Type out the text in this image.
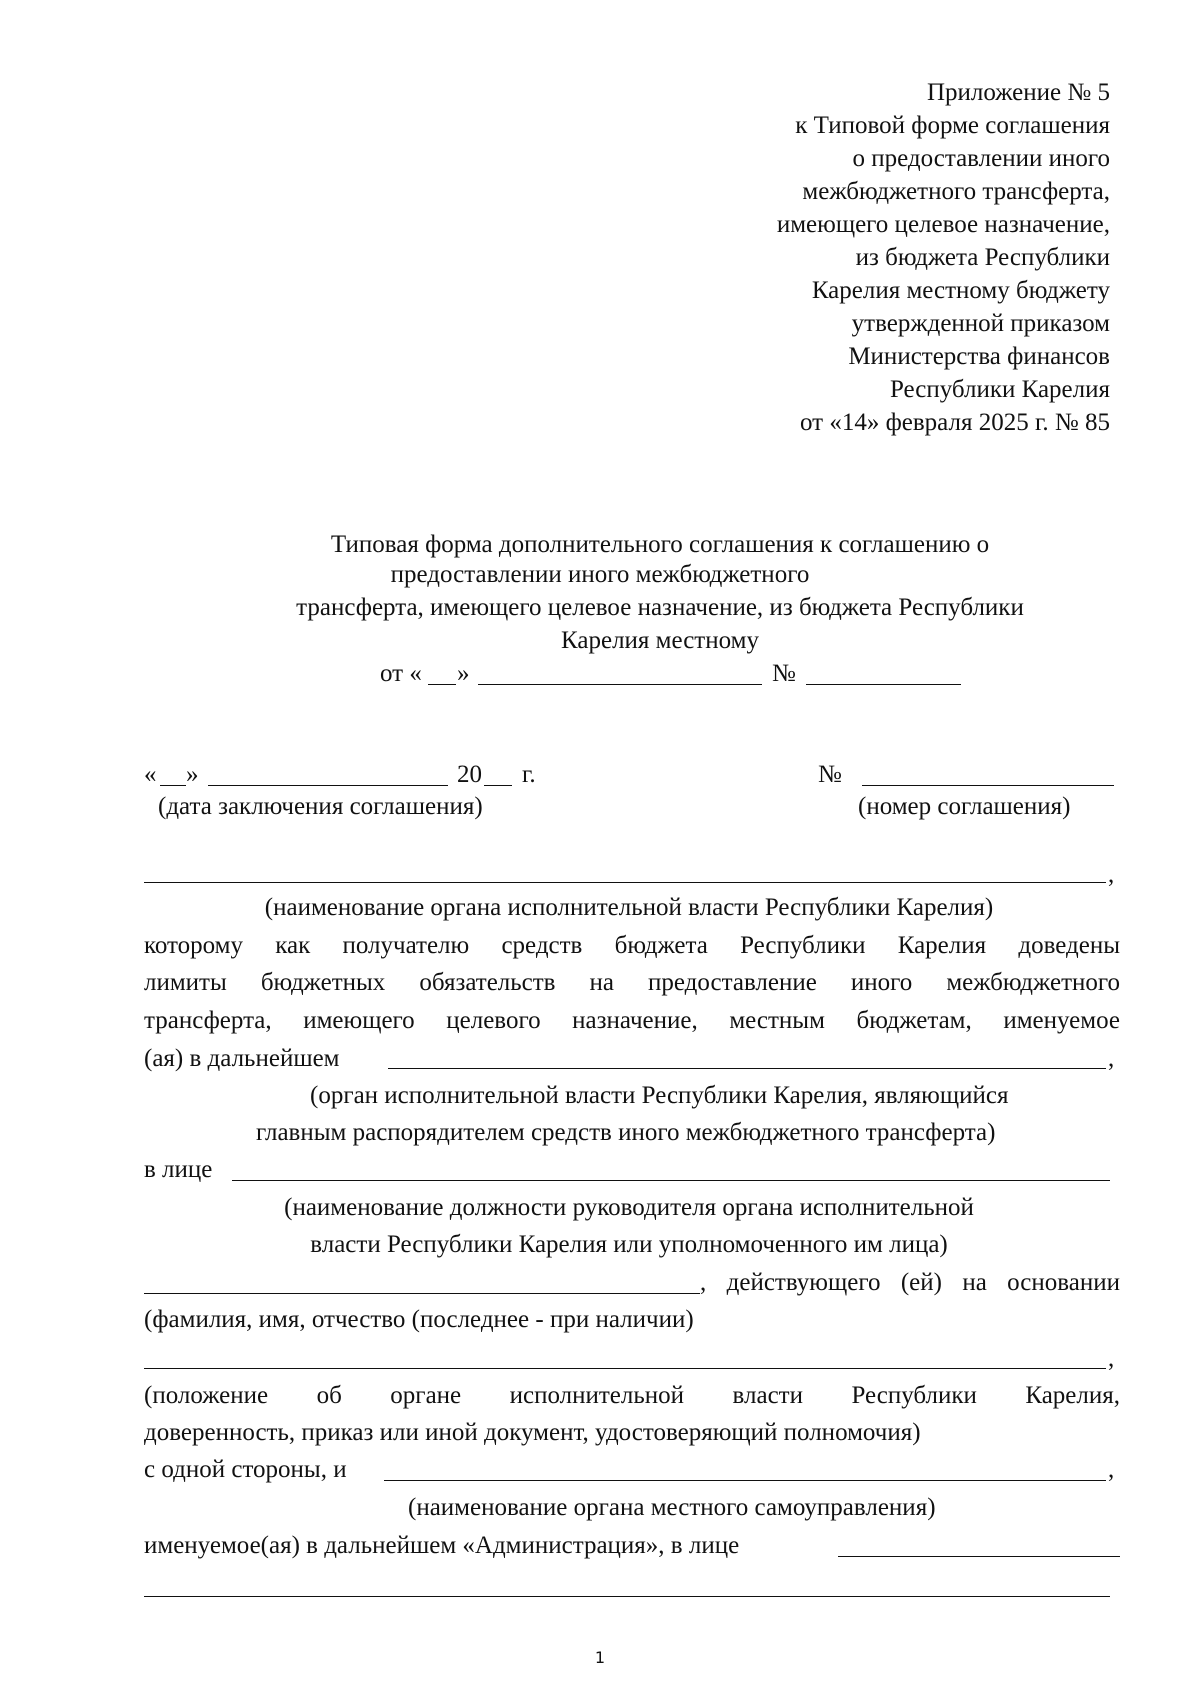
Приложение № 5
к Типовой форме соглашения
о предоставлении иного
межбюджетного трансферта,
имеющего целевое назначение,
из бюджета Республики
Карелия местному бюджету
утвержденной приказом
Министерства финансов
Республики Карелия
от «14» февраля 2025 г. № 85
Типовая форма дополнительного соглашения к соглашению о
предоставлении иного межбюджетного
трансферта, имеющего целевое назначение, из бюджета Республики
Карелия местному
от « »	№
« »	20 г.	№
(дата заключения соглашения)	(номер соглашения)
,
(наименование органа исполнительной власти Республики Карелия)
которому как получателю средств бюджета Республики Карелия доведены
лимиты бюджетных обязательств на предоставление иного межбюджетного
трансферта, имеющего целевого назначение, местным бюджетам, именуемое
(ая) в дальнейшем	,
(орган исполнительной власти Республики Карелия, являющийся
главным распорядителем средств иного межбюджетного трансферта)
в лице
(наименование должности руководителя органа исполнительной
власти Республики Карелия или уполномоченного им лица)
, действующего (ей) на основании
(фамилия, имя, отчество (последнее - при наличии)
,
(положение об органе исполнительной власти Республики Карелия,
доверенность, приказ или иной документ, удостоверяющий полномочия)
с одной стороны, и	,
(наименование органа местного самоуправления)
именуемое(ая) в дальнейшем «Администрация», в лице
1
